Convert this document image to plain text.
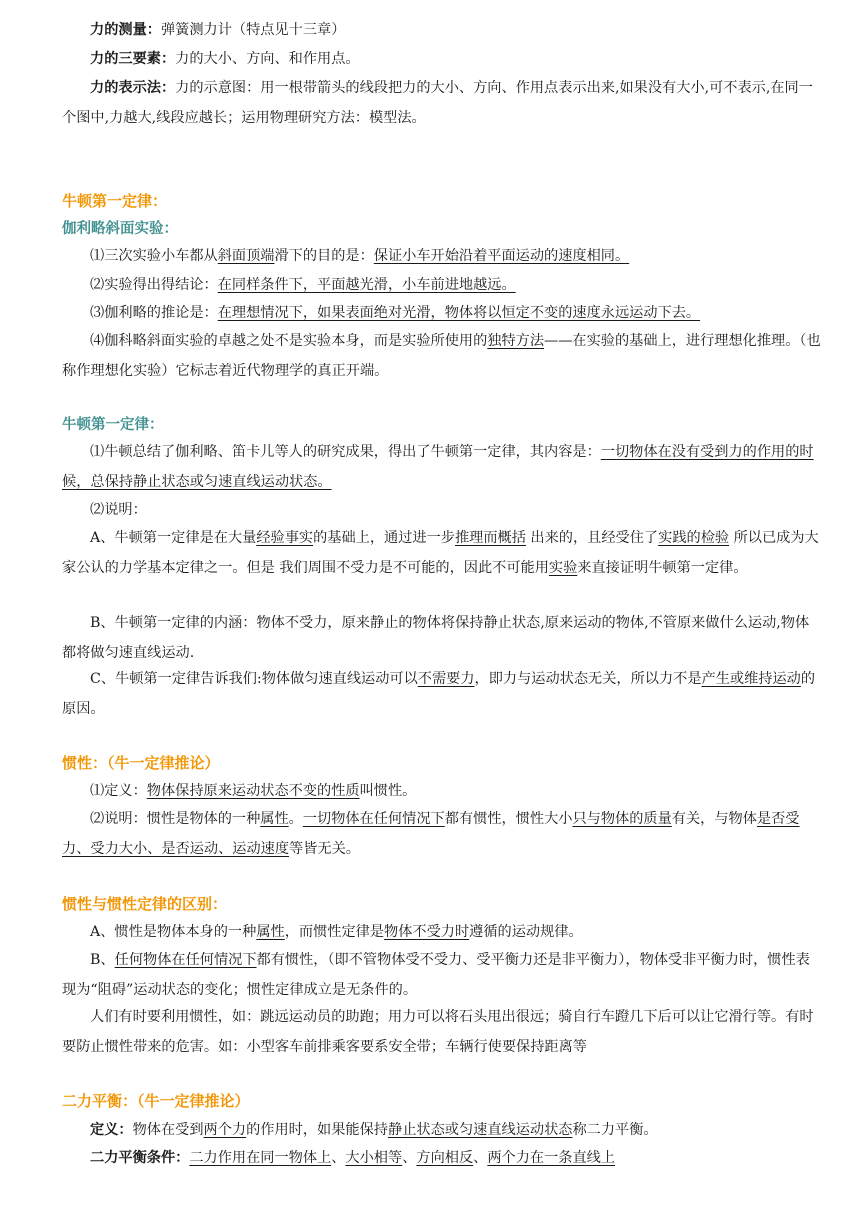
力的测量：弹簧测力计（特点见十三章）

力的三要素：力的大小、方向、和作用点。

力的表示法：力的示意图：用一根带箭头的线段把力的大小、方向、作用点表示出来,如果没有大小,可不表示,在同一个图中,力越大,线段应越长；运用物理研究方法：模型法。

牛顿第一定律：
伽利略斜面实验：

⑴三次实验小车都从斜面顶端滑下的目的是：保证小车开始沿着平面运动的速度相同。

⑵实验得出得结论：在同样条件下，平面越光滑，小车前进地越远。

⑶伽利略的推论是：在理想情况下，如果表面绝对光滑，物体将以恒定不变的速度永远运动下去。

⑷伽科略斜面实验的卓越之处不是实验本身，而是实验所使用的独特方法——在实验的基础上，进行理想化推理。（也称作理想化实验）它标志着近代物理学的真正开端。

牛顿第一定律：

⑴牛顿总结了伽利略、笛卡儿等人的研究成果，得出了牛顿第一定律，其内容是：一切物体在没有受到力的作用的时候，总保持静止状态或匀速直线运动状态。

⑵说明：

A、牛顿第一定律是在大量经验事实的基础上，通过进一步推理而概括 出来的，且经受住了实践的检验 所以已成为大家公认的力学基本定律之一。但是 我们周围不受力是不可能的，因此不可能用实验来直接证明牛顿第一定律。

B、牛顿第一定律的内涵：物体不受力，原来静止的物体将保持静止状态,原来运动的物体,不管原来做什么运动,物体都将做匀速直线运动.

C、牛顿第一定律告诉我们:物体做匀速直线运动可以不需要力，即力与运动状态无关，所以力不是产生或维持运动的原因。

惯性：（牛一定律推论）

⑴定义：物体保持原来运动状态不变的性质叫惯性。

⑵说明：惯性是物体的一种属性。一切物体在任何情况下都有惯性，惯性大小只与物体的质量有关，与物体是否受力、受力大小、是否运动、运动速度等皆无关。

惯性与惯性定律的区别：

A、惯性是物体本身的一种属性，而惯性定律是物体不受力时遵循的运动规律。

B、任何物体在任何情况下都有惯性，（即不管物体受不受力、受平衡力还是非平衡力），物体受非平衡力时，惯性表现为“阻碍”运动状态的变化；惯性定律成立是无条件的。

人们有时要利用惯性，如：跳远运动员的助跑；用力可以将石头甩出很远；骑自行车蹬几下后可以让它滑行等。有时要防止惯性带来的危害。如：小型客车前排乘客要系安全带；车辆行使要保持距离等

二力平衡：（牛一定律推论）

定义：物体在受到两个力的作用时，如果能保持静止状态或匀速直线运动状态称二力平衡。

二力平衡条件：二力作用在同一物体上、大小相等、方向相反、两个力在一条直线上
